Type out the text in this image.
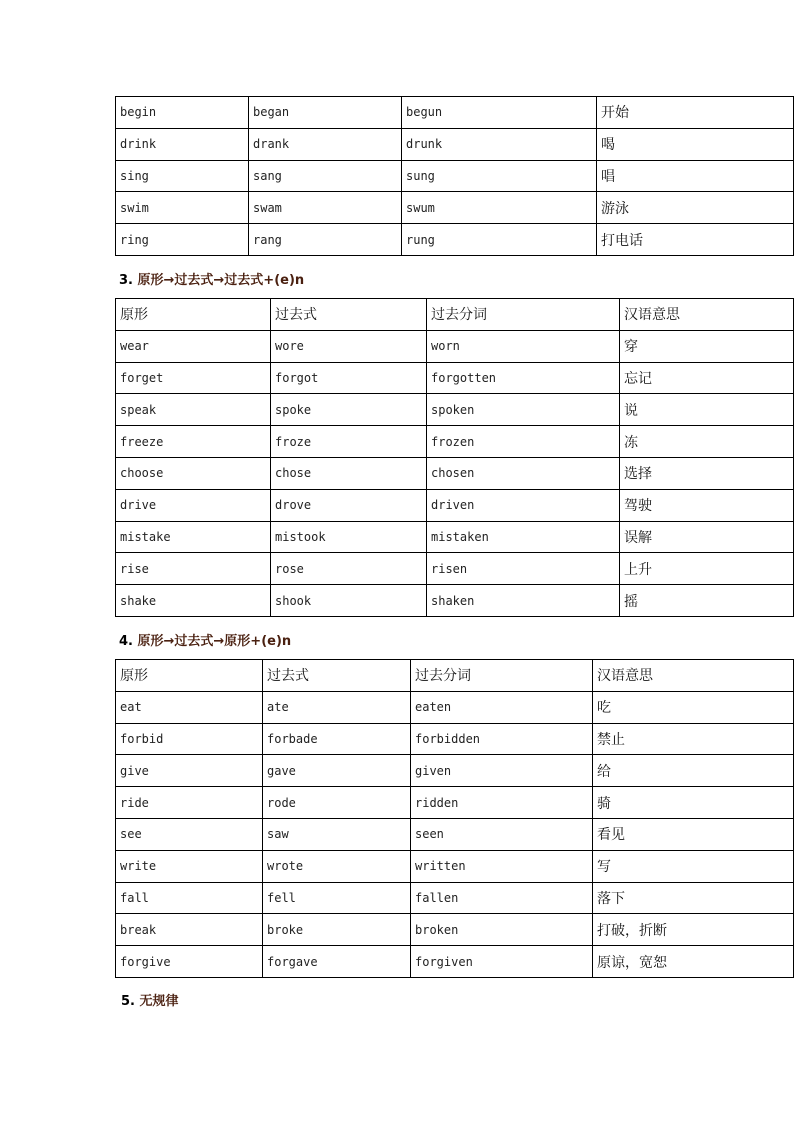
begin	began	begun	开始
drink	drank	drunk	喝
sing	sang	sung	唱
swim	swam	swum	游泳
ring	rang	rung	打电话
3. 原形→过去式→过去式+(e)n
原形	过去式	过去分词	汉语意思
wear	wore	worn	穿
forget	forgot	forgotten	忘记
speak	spoke	spoken	说
freeze	froze	frozen	冻
choose	chose	chosen	选择
drive	drove	driven	驾驶
mistake	mistook	mistaken	误解
rise	rose	risen	上升
shake	shook	shaken	摇
4. 原形→过去式→原形+(e)n
原形	过去式	过去分词	汉语意思
eat	ate	eaten	吃
forbid	forbade	forbidden	禁止
give	gave	given	给
ride	rode	ridden	骑
see	saw	seen	看见
write	wrote	written	写
fall	fell	fallen	落下
break	broke	broken	打破，折断
forgive	forgave	forgiven	原谅，宽恕
5. 无规律
